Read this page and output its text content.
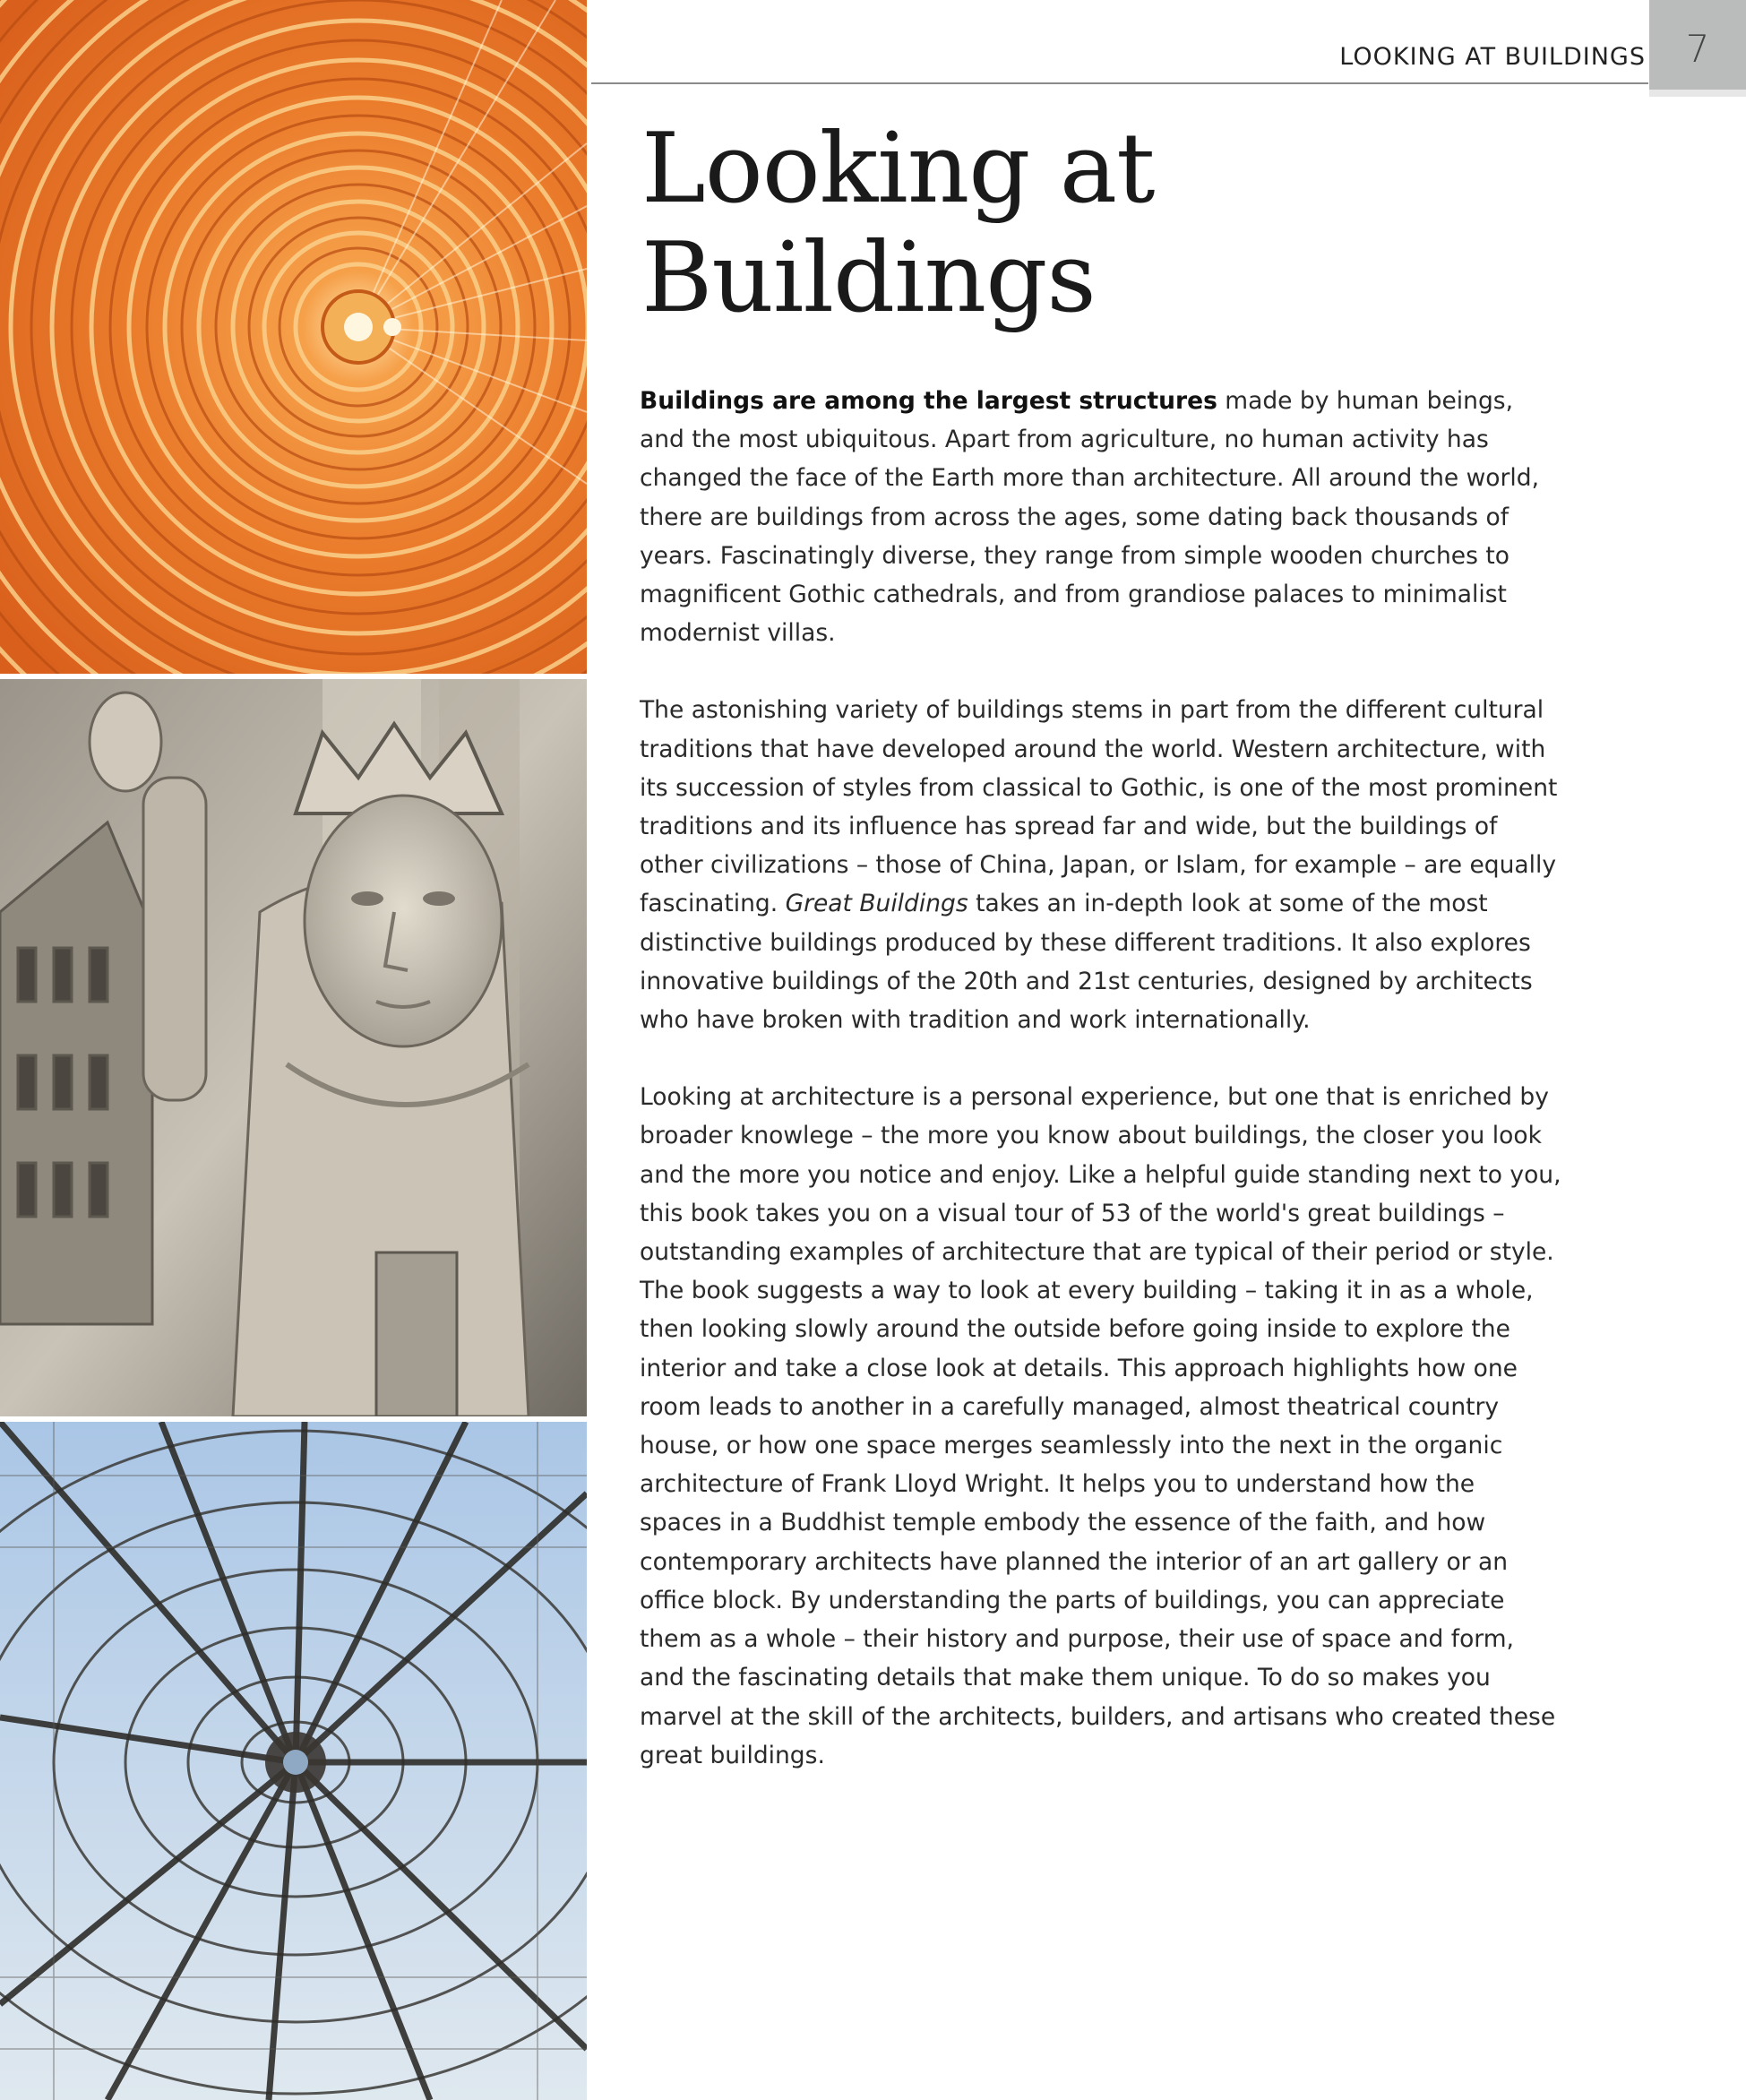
7
LOOKING AT BUILDINGS
Looking at
Buildings

Buildings are among the largest structures made by human beings, and the most ubiquitous. Apart from agriculture, no human activity has changed the face of the Earth more than architecture. All around the world, there are buildings from across the ages, some dating back thousands of years. Fascinatingly diverse, they range from simple wooden churches to magnificent Gothic cathedrals, and from grandiose palaces to minimalist modernist villas.

The astonishing variety of buildings stems in part from the different cultural traditions that have developed around the world. Western architecture, with its succession of styles from classical to Gothic, is one of the most prominent traditions and its influence has spread far and wide, but the buildings of other civilizations – those of China, Japan, or Islam, for example – are equally fascinating. Great Buildings takes an in-depth look at some of the most distinctive buildings produced by these different traditions. It also explores innovative buildings of the 20th and 21st centuries, designed by architects who have broken with tradition and work internationally.

Looking at architecture is a personal experience, but one that is enriched by broader knowlege – the more you know about buildings, the closer you look and the more you notice and enjoy. Like a helpful guide standing next to you, this book takes you on a visual tour of 53 of the world's great buildings – outstanding examples of architecture that are typical of their period or style. The book suggests a way to look at every building – taking it in as a whole, then looking slowly around the outside before going inside to explore the interior and take a close look at details. This approach highlights how one room leads to another in a carefully managed, almost theatrical country house, or how one space merges seamlessly into the next in the organic architecture of Frank Lloyd Wright. It helps you to understand how the spaces in a Buddhist temple embody the essence of the faith, and how contemporary architects have planned the interior of an art gallery or an office block. By understanding the parts of buildings, you can appreciate them as a whole – their history and purpose, their use of space and form, and the fascinating details that make them unique. To do so makes you marvel at the skill of the architects, builders, and artisans who created these great buildings.
